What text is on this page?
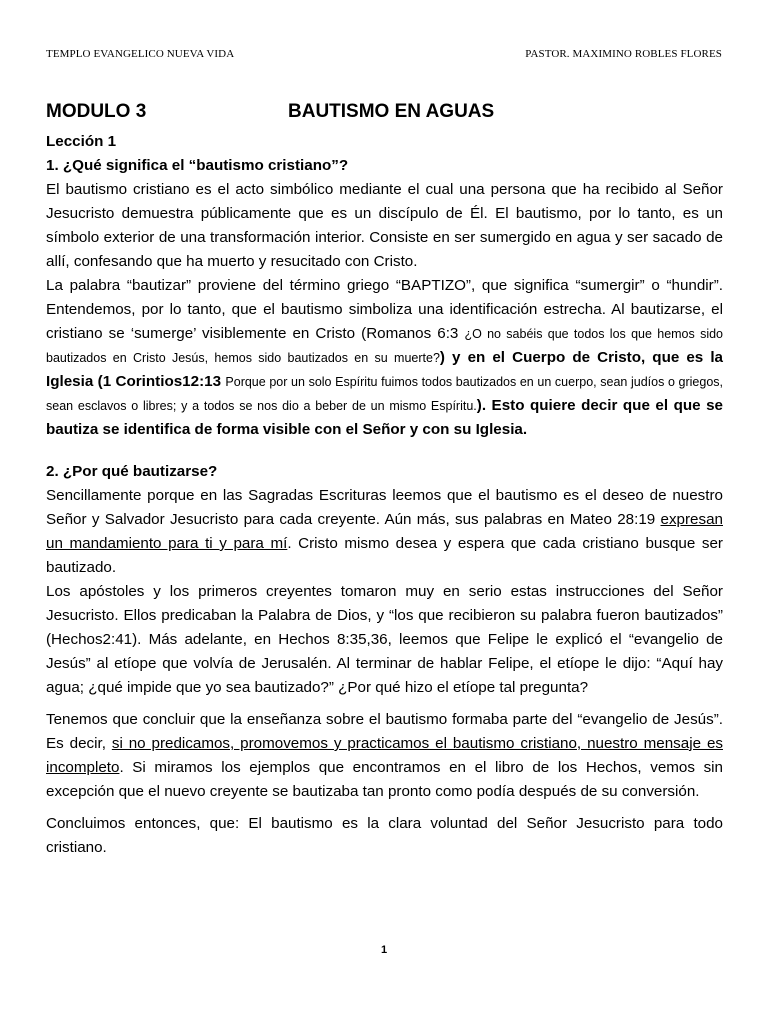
TEMPLO EVANGELICO NUEVA VIDA	PASTOR. MAXIMINO ROBLES FLORES
MODULO 3	BAUTISMO EN AGUAS
Lección 1
1. ¿Qué significa el “bautismo cristiano”?

El bautismo cristiano es el acto simbólico mediante el cual una persona que ha recibido al Señor Jesucristo demuestra públicamente que es un discípulo de Él. El bautismo, por lo tanto, es un símbolo exterior de una transformación interior. Consiste en ser sumergido en agua y ser sacado de allí, confesando que ha muerto y resucitado con Cristo.

La palabra “bautizar” proviene del término griego “BAPTIZO”, que significa “sumergir” o “hundir”. Entendemos, por lo tanto, que el bautismo simboliza una identificación estrecha. Al bautizarse, el cristiano se ‘sumerge’ visiblemente en Cristo (Romanos 6:3 ¿O no sabéis que todos los que hemos sido bautizados en Cristo Jesús, hemos sido bautizados en su muerte?) y en el Cuerpo de Cristo, que es la Iglesia (1 Corintios12:13 Porque por un solo Espíritu fuimos todos bautizados en un cuerpo, sean judíos o griegos, sean esclavos o libres; y a todos se nos dio a beber de un mismo Espíritu.). Esto quiere decir que el que se bautiza se identifica de forma visible con el Señor y con su Iglesia.

2. ¿Por qué bautizarse?

Sencillamente porque en las Sagradas Escrituras leemos que el bautismo es el deseo de nuestro Señor y Salvador Jesucristo para cada creyente. Aún más, sus palabras en Mateo 28:19 expresan un mandamiento para ti y para mí. Cristo mismo desea y espera que cada cristiano busque ser bautizado.

Los apóstoles y los primeros creyentes tomaron muy en serio estas instrucciones del Señor Jesucristo. Ellos predicaban la Palabra de Dios, y “los que recibieron su palabra fueron bautizados” (Hechos2:41). Más adelante, en Hechos 8:35,36, leemos que Felipe le explicó el “evangelio de Jesús” al etíope que volvía de Jerusalén. Al terminar de hablar Felipe, el etíope le dijo: “Aquí hay agua; ¿qué impide que yo sea bautizado?” ¿Por qué hizo el etíope tal pregunta?

Tenemos que concluir que la enseñanza sobre el bautismo formaba parte del “evangelio de Jesús”. Es decir, si no predicamos, promovemos y practicamos el bautismo cristiano, nuestro mensaje es incompleto. Si miramos los ejemplos que encontramos en el libro de los Hechos, vemos sin excepción que el nuevo creyente se bautizaba tan pronto como podía después de su conversión.

Concluimos entonces, que: El bautismo es la clara voluntad del Señor Jesucristo para todo cristiano.

1
